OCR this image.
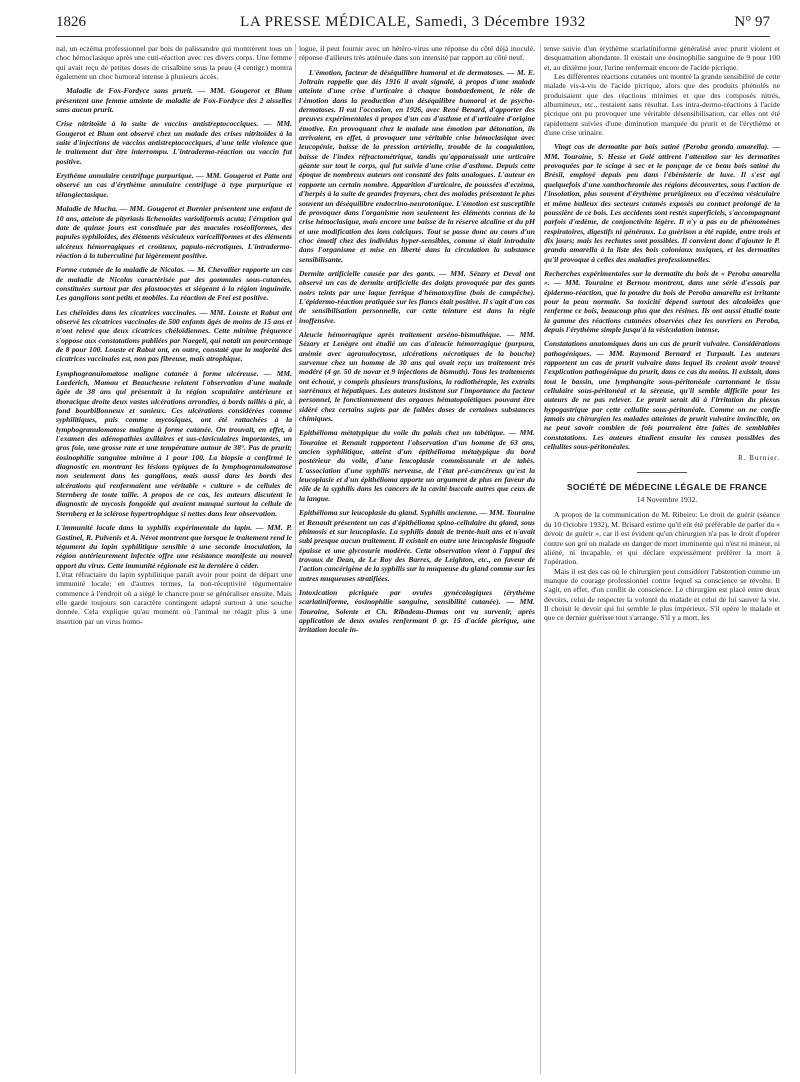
1826	LA PRESSE MÉDICALE, Samedi, 3 Décembre 1932	N° 97

nal, un eczéma professionnel par bois de palissandre qui montrèrent tous un choc hémoclasique après une cuti-réaction avec ces divers corps. Une femme qui avait reçu de petites doses de crisalbine sous la peau (4 centigr.) montra également un choc humoral intense à plusieurs accès.

Maladie de Fox-Fordyce sans prurit. — MM. Gougerot et Blum présentent une femme atteinte de maladie de Fox-Fordyce des 2 aisselles sans aucun prurit.

Crise nitritoïde à la suite de vaccins antistreptococciques. — MM. Gougerot et Blum ont observé chez un malade des crises nitritoïdes à la suite d'injections de vaccins antistreptococciques, d'une telle violence que le traitement dut être interrompu. L'intradermo-réaction au vaccin fut positive.

Erythème annulaire centrifuge purpurique. — MM. Gougerot et Patte ont observé un cas d'érythème annulaire centrifuge à type purpurique et télangiectasique.

Maladie de Mucha. — MM. Gougerot et Burnier présentent une enfant de 10 ans, atteinte de pityriasis lichenoïdes varioliformis acuta; l'éruption qui date de quinze jours est constituée par des macules roséoliformes, des papules syphiloïdes, des éléments vésiculeux varicelliformes et des éléments ulcéreux hémorragiques et croûteux, papulo-nécrotiques. L'intradermo-réaction à la tuberculine fut légèrement positive.

Forme cutanée de la maladie de Nicolas. — M. Chevallier rapporte un cas de maladie de Nicolas caractérisée par des gommules sous-cutanées, constituées surtout par des plasmocytes et siégeant à la région inguinale. Les ganglions sont petits et mobiles. La réaction de Frei est positive.

Les chéloïdes dans les cicatrices vaccinales. — MM. Louste et Rabut ont observé les cicatrices vaccinales de 500 enfants âgés de moins de 15 ans et n'ont relevé que deux cicatrices chéloïdiennes. Cette minime fréquence s'oppose aux constatations publiées par Naegeli, qui notait un pourcentage de 8 pour 100. Louste et Rabut ont, en outre, constaté que la majorité des cicatrices vaccinales est, non pas fibreuse, mais atrophique.

Lymphogranulomatose maligne cutanée à forme ulcéreuse. — MM. Laederich, Mamou et Beauchesne relatent l'observation d'une malade âgée de 38 ans qui présentait à la région scapulaire antérieure et thoracique droite deux vastes ulcérations arrondies, à bords taillés à pic, à fond bourbillonneux et sanieux. Ces ulcérations considérées comme syphilitiques, puis comme mycosiques, ont été rattachées à la lymphogranulomatose maligne à forme cutanée. On trouvait, en effet, à l'examen des adénopathies axillaires et sus-claviculaires importantes, un gros foie, une grosse rate et une température autour de 38°. Pas de prurit; éosinophilie sanguine minime à 1 pour 100. La biopsie a confirmé le diagnostic en montrant les lésions typiques de la lymphogranulomatose non seulement dans les ganglions, mais aussi dans les bords des ulcérations qui renfermaient une véritable « culture » de cellules de Sternberg de toute taille. A propos de ce cas, les auteurs discutent le diagnostic de mycosis fongoïde qui avaient manqué surtout la cellule de Sternberg et la sclérose hypertrophique si nettes dans leur observation.

L'immunité locale dans la syphilis expérimentale du lapin. — MM. P. Gastinel, R. Pulvenis et A. Névot montrent que lorsque le traitement rend le tégument du lapin syphilitique sensible à une seconde inoculation, la région antérieurement infectée offre une résistance manifeste au nouvel apport du virus. Cette immunité régionale est la dernière à céder.

L'état réfractaire du lapin syphilitique paraît avoir pour point de départ une immunité locale; en d'autres termes, la non-réceptivité tégumentaire commence à l'endroit où a siégé le chancre pour se généraliser ensuite. Mais elle garde toujours son caractère contingent adapté surtout à une souche donnée. Cela explique qu'au moment où l'animal ne réagit plus à une insertion par un virus homo-

logue, il peut fournir avec un hétéro-virus une réponse du côté déjà inoculé, réponse d'ailleurs très atténuée dans son intensité par rapport au côté neuf.

L'émotion, facteur de déséquilibre humoral et de dermatoses. — M. E. Joltrain rappelle que dès 1916 il avait signalé, à propos d'une malade atteinte d'une crise d'urticaire à chaque bombardement, le rôle de l'émotion dans la production d'un déséquilibre humoral et de psycho-dermatoses. Il eut l'occasion, en 1926, avec René Benard, d'apporter des preuves expérimentales à propos d'un cas d'asthme et d'urticaire d'origine émotive. En provoquant chez le malade une émotion par détonation, ils arrivaient, en effet, à provoquer une véritable crise hémoclasique avec leucopénie, baisse de la pression artérielle, trouble de la coagulation, baisse de l'index réfractométrique, tandis qu'apparaissait une urticaire géante sur tout le corps, qui fut suivie d'une crise d'asthme. Depuis cette époque de nombreux auteurs ont constaté des faits analogues. L'auteur en rapporte un certain nombre. Apparition d'urticaire, de poussées d'eczéma, d'herpès à la suite de grandes frayeurs, chez des malades présentant le plus souvent un déséquilibre endocrino-neurotonique. L'émotion est susceptible de provoquer dans l'organisme non seulement les éléments connus de la crise hémoclasique, mais encore une baisse de la réserve alcaline et du pH et une modification des ions calciques. Tout se passe donc au cours d'un choc émotif chez des individus hyper-sensibles, comme si était introduite dans l'organisme et mise en liberté dans la circulation la substance sensibilisante.

Dermite artificielle causée par des gants. — MM. Sézary et Deval ont observé un cas de dermite artificielle des doigts provoquée par des gants noirs teints par une laque ferrique d'hématoxyline (bois de campêche). L'épidermo-réaction pratiquée sur les flancs était positive. Il s'agit d'un cas de sensibilisation personnelle, car cette teinture est dans la règle inoffensive.

Aleucie hémorragique après traitement arséno-bismuthique. — MM. Sézary et Lenègre ont étudié un cas d'aleucie hémorragique (purpura, anémie avec agranulocytose, ulcérations nécrotiques de la bouche) survenue chez un homme de 30 ans qui avait reçu un traitement très modéré (4 gr. 50 de novar et 9 injections de bismuth). Tous les traitements ont échoué, y compris plusieurs transfusions, la radiothérapie, les extraits surrénaux et hépatiques. Les auteurs insistent sur l'importance du facteur personnel, le fonctionnement des organes hématopoïétiques pouvant être sidéré chez certains sujets par de faibles doses de certaines substances chimiques.

Epithélioma métatypique du voile du palais chez un tabétique. — MM. Touraine et Renault rapportent l'observation d'un homme de 63 ans, ancien syphilitique, atteint d'un épithélioma métatypique du bord postérieur du voile, d'une leucoplasie commissurale et de tabès. L'association d'une syphilis nerveuse, de l'état pré-cancéreux qu'est la leucoplasie et d'un épithélioma apporte un argument de plus en faveur du rôle de la syphilis dans les cancers de la cavité buccale autres que ceux de la langue.

Epithélioma sur leucoplasie du gland. Syphilis ancienne. — MM. Touraine et Renault présentent un cas d'épithélioma spino-cellulaire du gland, sous phimosis et sur leucoplasie. La syphilis datait de trente-huit ans et n'avait subi presque aucun traitement. Il existait en outre une leucoplasie linguale épaisse et une glycosurie modérée. Cette observation vient à l'appui des travaux de Dean, de Le Roy des Barres, de Leighton, etc., en faveur de l'action cancérigène de la syphilis sur la muqueuse du gland comme sur les autres muqueuses stratifiées.

Intoxication picriquée par ovules gynécologiques (érythème scarlatiniforme, éosinophilie sanguine, sensibilité cutanée). — MM. Touraine, Solente et Ch. Ribadeau-Dumas ont vu survenir, après application de deux ovules renfermant 0 gr. 15 d'acide picrique, une irritation locale in-

tense suivie d'un érythème scarlatiniforme généralisé avec prurit violent et desquamation abondante. Il existait une éosinophilie sanguine de 9 pour 100 et, au dixième jour, l'urine renfermait encore de l'acide picrique.

Les différentes réactions cutanées ont montré la grande sensibilité de cette malade vis-à-vis de l'acide picrique, alors que des produits phénolés ne produisaient que des réactions minimes et que des composés nitrés, albumineux, etc., restaient sans résultat. Les intra-dermo-réactions à l'acide picrique ont pu provoquer une véritable désensibilisation, car elles ont été rapidement suivies d'une diminution marquée du prurit et de l'érythème et d'une crise urinaire.

Vingt cas de dermatite par bois satiné (Peroba gronda amarella). — MM. Touraine, S. Hesse et Golé attirent l'attention sur les dermatites provoquées par le sciage à sec et le ponçage de ce beau bois satiné du Brésil, employé depuis peu dans l'ébénisterie de luxe. Il s'est agi quelquefois d'une xanthochromie des régions découvertes, sous l'action de l'insolation, plus souvent d'érythème prurigineux ou d'eczéma vésiculaire et même bulleux des secteurs cutanés exposés au contact prolongé de la poussière de ce bois. Les accidents sont restés superficiels, s'accompagnant parfois d'œdème, de conjonctivite légère. Il n'y a pas eu de phénomènes respiratoires, digestifs ni généraux. La guérison a été rapide, entre trois et dix jours; mais les rechutes sont possibles. Il convient donc d'ajouter le P. granda amarella à la liste des bois coloniaux toxiques, et les dermatites qu'il provoque à celles des maladies professionnelles.

Recherches expérimentales sur la dermatite du bois de « Peroba amarella ». — MM. Touraine et Bernou montrent, dans une série d'essais par épidermo-réaction, que la poudre du bois de Peroba amarella est irritante pour la peau normale. Sa toxicité dépend surtout des alcaloïdes que renferme ce bois, beaucoup plus que des résines. Ils ont aussi étudié toute la gamme des réactions cutanées observées chez les ouvriers en Peroba, depuis l'érythème simple jusqu'à la vésiculation intense.

Constatations anatomiques dans un cas de prurit vulvaire. Considérations pathogéniques. — MM. Raymond Bernard et Turpault. Les auteurs rapportent un cas de prurit vulvaire dans lequel ils croient avoir trouvé l'explication pathogénique du prurit, dans ce cas du moins. Il existait, dans tout le bassin, une lymphangite sous-péritonéale cartonnant le tissu cellulaire sous-péritonéal et la séreuse, qu'il semble difficile pour les auteurs de ne pas relever. Le prurit serait dû à l'irritation du plexus hypogastrique par cette cellulite sous-péritonéale. Comme on ne confie jamais au chirurgien les malades atteintes de prurit vulvaire invincible, on ne peut savoir combien de fois pourraient être faites de semblables constatations. Les auteurs étudient ensuite les causes possibles des cellulites sous-péritonéales.

R. Burnier.

SOCIÉTÉ DE MÉDECINE LÉGALE DE FRANCE

14 Novembre 1932.

A propos de la communication de M. Ribeiro: Le droit de guérir (séance du 10 Octobre 1932), M. Brisard estime qu'il eût été préférable de parler du « devoir de guérir », car il est évident qu'un chirurgien n'a pas le droit d'opérer contre son gré un malade en danger de mort imminente qui n'est ni mineur, ni aliéné, ni incapable, et qui déclare expressément préférer la mort à l'opération.

Mais il est des cas où le chirurgien peut considérer l'abstention comme un manque de courage professionnel contre lequel sa conscience se révolte. Il s'agit, en effet, d'un conflit de conscience. Le chirurgien est placé entre deux devoirs, celui de respecter la volonté du malade et celui de lui sauver la vie. Il choisit le devoir qui lui semble le plus impérieux. S'il opère le malade et que ce dernier guérisse tout s'arrange. S'il y a mort, les
